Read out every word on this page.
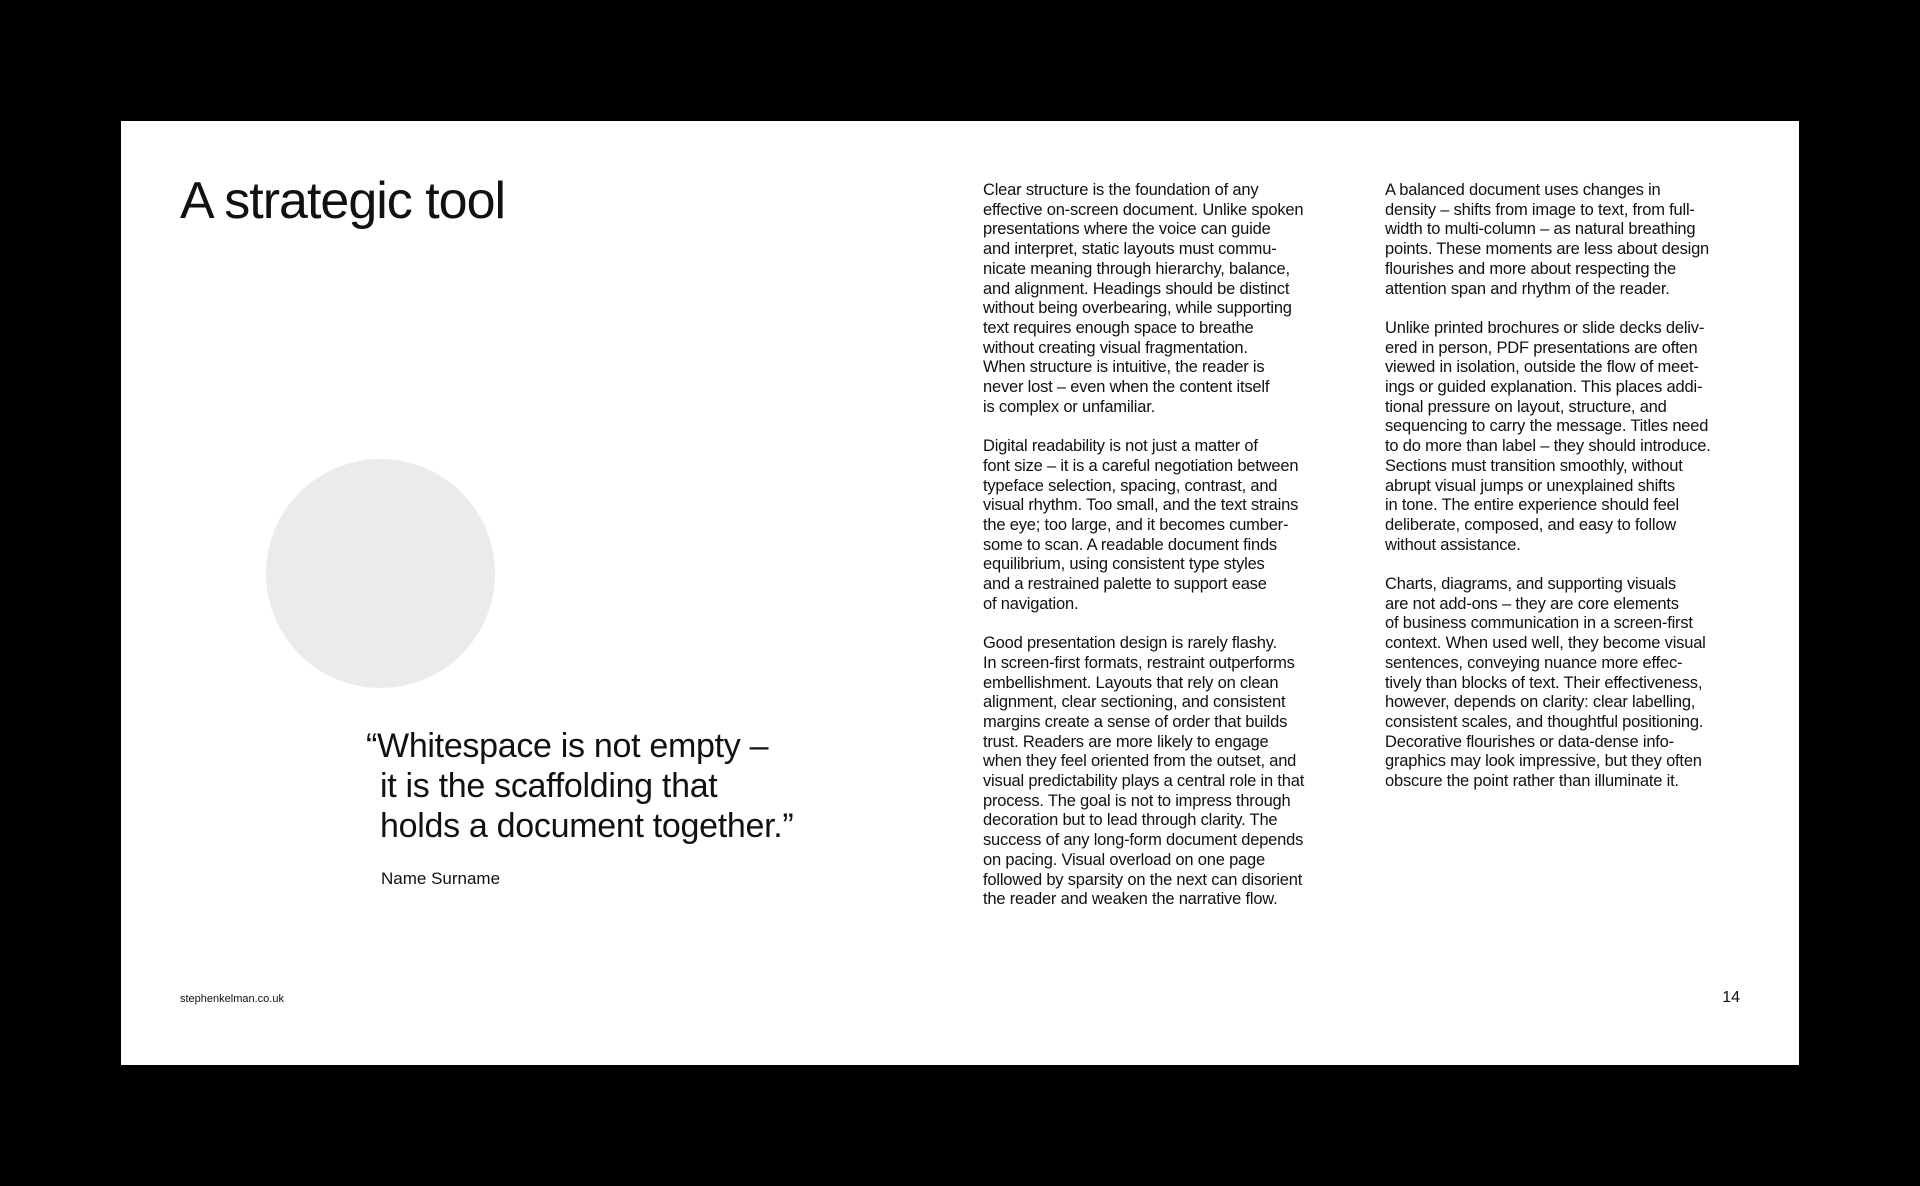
A strategic tool
“Whitespace is not empty –
it is the scaffolding that
holds a document together.”

Name Surname

Clear structure is the foundation of any
effective on-screen document. Unlike spoken
presentations where the voice can guide
and interpret, static layouts must commu-
nicate meaning through hierarchy, balance,
and alignment. Headings should be distinct
without being overbearing, while supporting
text requires enough space to breathe
without creating visual fragmentation.
When structure is intuitive, the reader is
never lost – even when the content itself
is complex or unfamiliar.

Digital readability is not just a matter of
font size – it is a careful negotiation between
typeface selection, spacing, contrast, and
visual rhythm. Too small, and the text strains
the eye; too large, and it becomes cumber-
some to scan. A readable document finds
equilibrium, using consistent type styles
and a restrained palette to support ease
of navigation.

Good presentation design is rarely flashy.
In screen-first formats, restraint outperforms
embellishment. Layouts that rely on clean
alignment, clear sectioning, and consistent
margins create a sense of order that builds
trust. Readers are more likely to engage
when they feel oriented from the outset, and
visual predictability plays a central role in that
process. The goal is not to impress through
decoration but to lead through clarity. The
success of any long-form document depends
on pacing. Visual overload on one page
followed by sparsity on the next can disorient
the reader and weaken the narrative flow.

A balanced document uses changes in
density – shifts from image to text, from full-
width to multi-column – as natural breathing
points. These moments are less about design
flourishes and more about respecting the
attention span and rhythm of the reader.

Unlike printed brochures or slide decks deliv-
ered in person, PDF presentations are often
viewed in isolation, outside the flow of meet-
ings or guided explanation. This places addi-
tional pressure on layout, structure, and
sequencing to carry the message. Titles need
to do more than label – they should introduce.
Sections must transition smoothly, without
abrupt visual jumps or unexplained shifts
in tone. The entire experience should feel
deliberate, composed, and easy to follow
without assistance.

Charts, diagrams, and supporting visuals
are not add-ons – they are core elements
of business communication in a screen-first
context. When used well, they become visual
sentences, conveying nuance more effec-
tively than blocks of text. Their effectiveness,
however, depends on clarity: clear labelling,
consistent scales, and thoughtful positioning.
Decorative flourishes or data-dense info-
graphics may look impressive, but they often
obscure the point rather than illuminate it.

stephenkelman.co.uk	14
